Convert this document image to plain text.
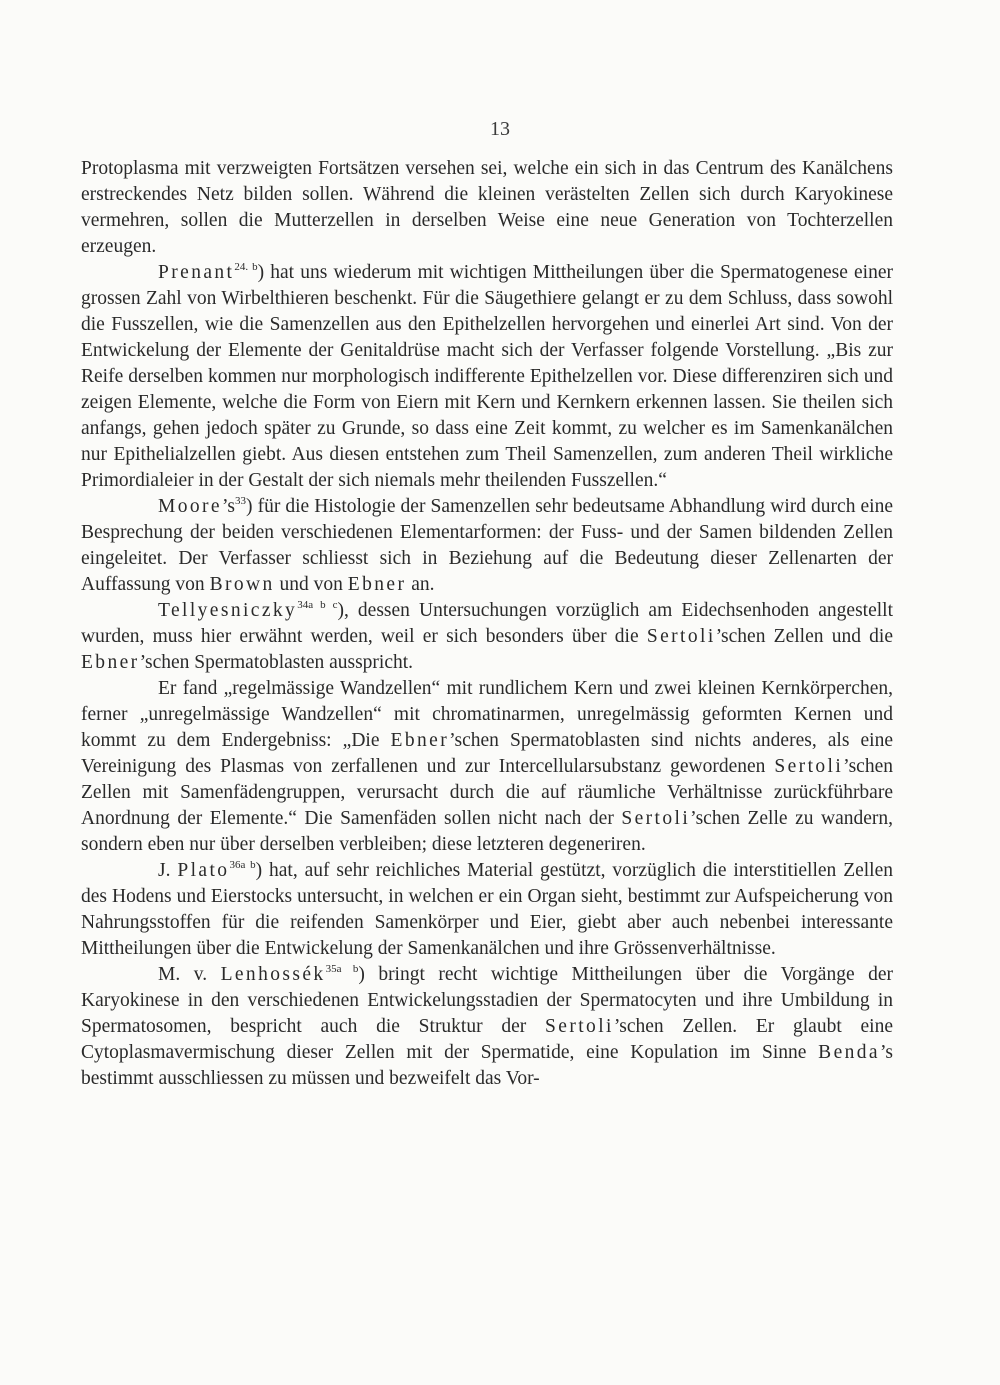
13

Protoplasma mit verzweigten Fortsätzen versehen sei, welche ein sich in das Centrum des Kanälchens erstreckendes Netz bilden sollen. Während die kleinen verästelten Zellen sich durch Karyokinese vermehren, sollen die Mutterzellen in derselben Weise eine neue Generation von Tochterzellen erzeugen.

Prenant$^{24. b}$) hat uns wiederum mit wichtigen Mittheilungen über die Spermatogenese einer grossen Zahl von Wirbelthieren beschenkt. Für die Säugethiere gelangt er zu dem Schluss, dass sowohl die Fusszellen, wie die Samenzellen aus den Epithelzellen hervorgehen und einerlei Art sind. Von der Entwickelung der Elemente der Genitaldrüse macht sich der Verfasser folgende Vorstellung. „Bis zur Reife derselben kommen nur morphologisch indifferente Epithelzellen vor. Diese differenziren sich und zeigen Elemente, welche die Form von Eiern mit Kern und Kernkern erkennen lassen. Sie theilen sich anfangs, gehen jedoch später zu Grunde, so dass eine Zeit kommt, zu welcher es im Samenkanälchen nur Epithelialzellen giebt. Aus diesen entstehen zum Theil Samenzellen, zum anderen Theil wirkliche Primordialeier in der Gestalt der sich niemals mehr theilenden Fusszellen.“

$Moore’s^{33}$) für die Histologie der Samenzellen sehr bedeutsame Abhandlung wird durch eine Besprechung der beiden verschiedenen Elementarformen: der Fuss- und der Samen bildenden Zellen eingeleitet. Der Verfasser schliesst sich in Beziehung auf die Bedeutung dieser Zellenarten der Auffassung von Brown und von Ebner an.

Tellyesniczky$^{34a b c}$), dessen Untersuchungen vorzüglich am Eidechsenhoden angestellt wurden, muss hier erwähnt werden, weil er sich besonders über die Sertoli’schen Zellen und die Ebner’schen Spermatoblasten ausspricht.

Er fand „regelmässige Wandzellen“ mit rundlichem Kern und zwei kleinen Kernkörperchen, ferner „unregelmässige Wandzellen“ mit chromatinarmen, unregelmässig geformten Kernen und kommt zu dem Endergebniss: „Die Ebner’schen Spermatoblasten sind nichts anderes, als eine Vereinigung des Plasmas von zerfallenen und zur Intercellularsubstanz gewordenen Sertoli’schen Zellen mit Samenfädengruppen, verursacht durch die auf räumliche Verhältnisse zurückführbare Anordnung der Elemente.“ Die Samenfäden sollen nicht nach der Sertoli’schen Zelle zu wandern, sondern eben nur über derselben verbleiben; diese letzteren degeneriren.

J. Plato$^{36a b}$) hat, auf sehr reichliches Material gestützt, vorzüglich die interstitiellen Zellen des Hodens und Eierstocks untersucht, in welchen er ein Organ sieht, bestimmt zur Aufspeicherung von Nahrungsstoffen für die reifenden Samenkörper und Eier, giebt aber auch nebenbei interessante Mittheilungen über die Entwickelung der Samenkanälchen und ihre Grössenverhältnisse.

M. v. Lenhossék$^{35a b}$) bringt recht wichtige Mittheilungen über die Vorgänge der Karyokinese in den verschiedenen Entwickelungsstadien der Spermatocyten und ihre Umbildung in Spermatosomen, bespricht auch die Struktur der Sertoli’schen Zellen. Er glaubt eine Cytoplasmavermischung dieser Zellen mit der Spermatide, eine Kopulation im Sinne Benda’s bestimmt ausschliessen zu müssen und bezweifelt das Vor-
